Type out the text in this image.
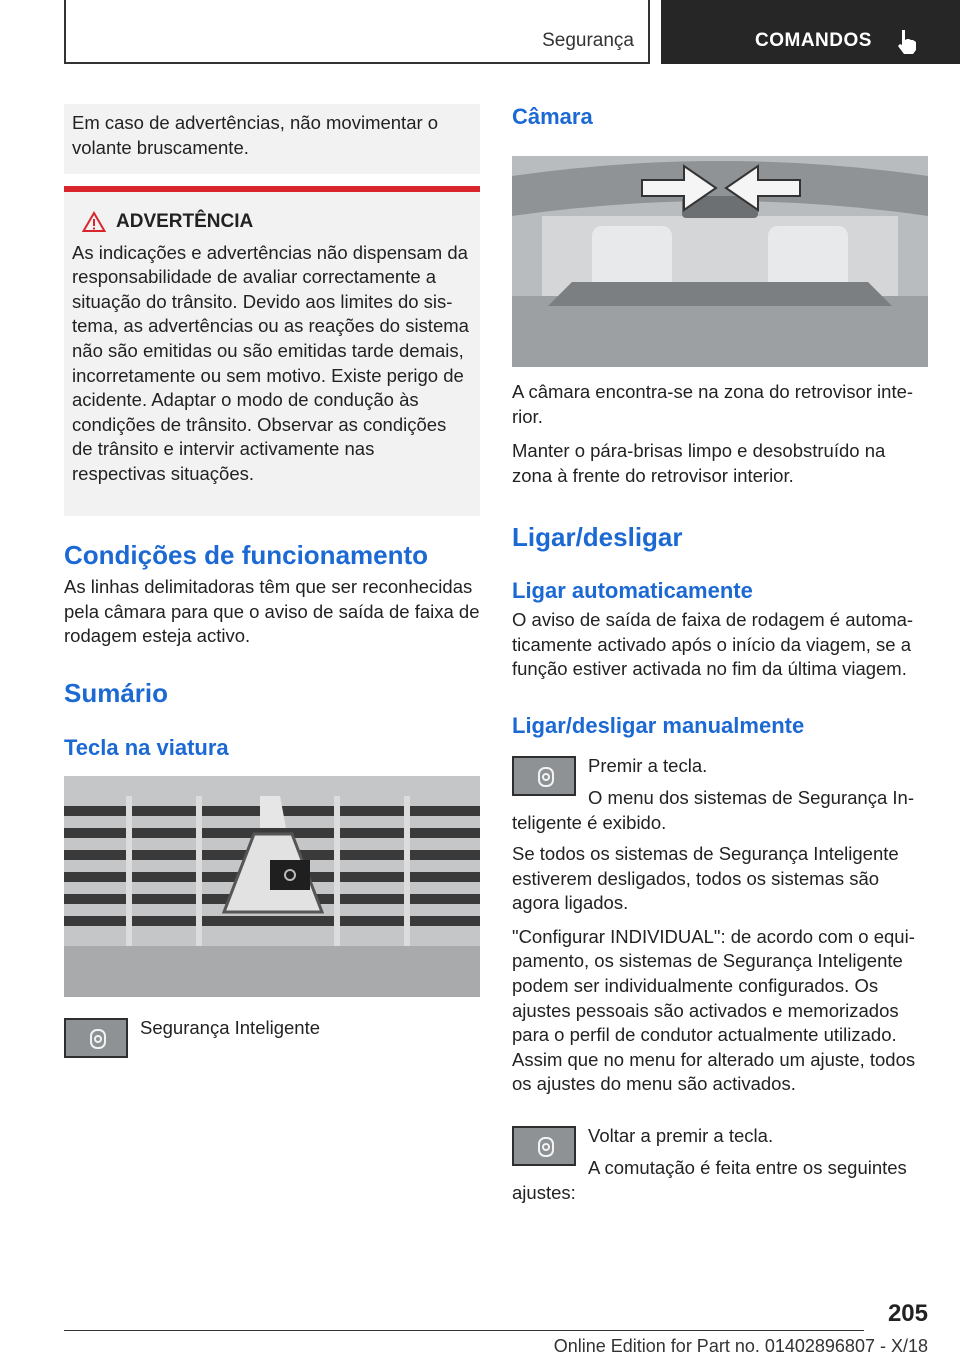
Segurança	COMANDOS

Em caso de advertências, não movimentar o volante bruscamente.

ADVERTÊNCIA

As indicações e advertências não dispensam da responsabilidade de avaliar correctamente a situação do trânsito. Devido aos limites do sistema, as advertências ou as reações do sistema não são emitidas ou são emitidas tarde demais, incorretamente ou sem motivo. Existe perigo de acidente. Adaptar o modo de condução às condições de trânsito. Observar as condições de trânsito e intervir activamente nas respectivas situações.

Condições de funcionamento

As linhas delimitadoras têm que ser reconhecidas pela câmara para que o aviso de saída de faixa de rodagem esteja activo.

Sumário
Tecla na viatura

Segurança Inteligente

Câmara

A câmara encontra-se na zona do retrovisor interior.

Manter o pára-brisas limpo e desobstruído na zona à frente do retrovisor interior.

Ligar/desligar
Ligar automaticamente

O aviso de saída de faixa de rodagem é automaticamente activado após o início da viagem, se a função estiver activada no fim da última viagem.

Ligar/desligar manualmente

Premir a tecla.

O menu dos sistemas de Segurança Inteligente é exibido.

Se todos os sistemas de Segurança Inteligente estiverem desligados, todos os sistemas são agora ligados.

"Configurar INDIVIDUAL": de acordo com o equipamento, os sistemas de Segurança Inteligente podem ser individualmente configurados. Os ajustes pessoais são activados e memorizados para o perfil de condutor actualmente utilizado. Assim que no menu for alterado um ajuste, todos os ajustes do menu são activados.

Voltar a premir a tecla.

A comutação é feita entre os seguintes ajustes:

205
Online Edition for Part no. 01402896807 - X/18
